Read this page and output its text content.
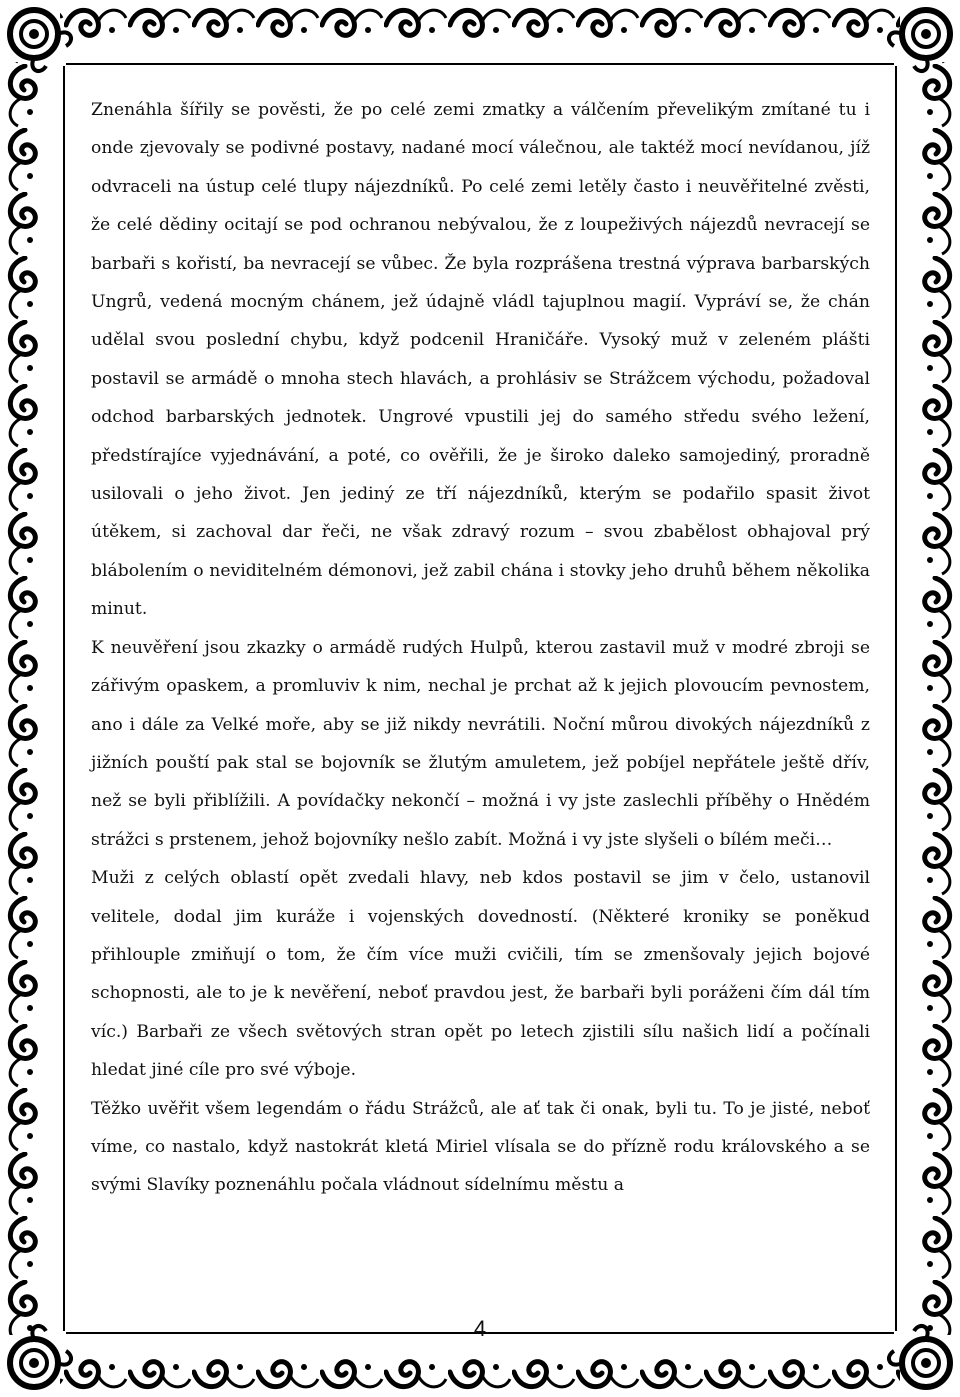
Znenáhla šířily se pověsti, že po celé zemi zmatky a válčením převelikým zmítané tu i onde zjevovaly se podivné postavy, nadané mocí válečnou, ale taktéž mocí nevídanou, jíž odvraceli na ústup celé tlupy nájezdníků. Po celé zemi letěly často i neuvěřitelné zvěsti, že celé dědiny ocitají se pod ochranou nebývalou, že z loupeživých nájezdů nevracejí se barbaři s kořistí, ba nevracejí se vůbec. Že byla rozprášena trestná výprava barbarských Ungrů, vedená mocným chánem, jež údajně vládl tajuplnou magií. Vypráví se, že chán udělal svou poslední chybu, když podcenil Hraničáře. Vysoký muž v zeleném plášti postavil se armádě o mnoha stech hlavách, a prohlásiv se Strážcem východu, požadoval odchod barbarských jednotek. Ungrové vpustili jej do samého středu svého ležení, předstírajíce vyjednávání, a poté, co ověřili, že je široko daleko samojediný, proradně usilovali o jeho život. Jen jediný ze tří nájezdníků, kterým se podařilo spasit život útěkem, si zachoval dar řeči, ne však zdravý rozum – svou zbabělost obhajoval prý blábolením o neviditelném démonovi, jež zabil chána i stovky jeho druhů během několika minut.

K neuvěření jsou zkazky o armádě rudých Hulpů, kterou zastavil muž v modré zbroji se zářivým opaskem, a promluviv k nim, nechal je prchat až k jejich plovoucím pevnostem, ano i dále za Velké moře, aby se již nikdy nevrátili. Noční můrou divokých nájezdníků z jižních pouští pak stal se bojovník se žlutým amuletem, jež pobíjel nepřátele ještě dřív, než se byli přiblížili. A povídačky nekončí – možná i vy jste zaslechli příběhy o Hnědém strážci s prstenem, jehož bojovníky nešlo zabít. Možná i vy jste slyšeli o bílém meči…

Muži z celých oblastí opět zvedali hlavy, neb kdos postavil se jim v čelo, ustanovil velitele, dodal jim kuráže i vojenských dovedností. (Některé kroniky se poněkud přihlouple zmiňují o tom, že čím více muži cvičili, tím se zmenšovaly jejich bojové schopnosti, ale to je k nevěření, neboť pravdou jest, že barbaři byli poráženi čím dál tím víc.) Barbaři ze všech světových stran opět po letech zjistili sílu našich lidí a počínali hledat jiné cíle pro své výboje.

Těžko uvěřit všem legendám o řádu Strážců, ale ať tak či onak, byli tu. To je jisté, neboť víme, co nastalo, když nastokrát kletá Miriel vlísala se do přízně rodu královského a se svými Slavíky poznenáhlu počala vládnout sídelnímu městu a

4
